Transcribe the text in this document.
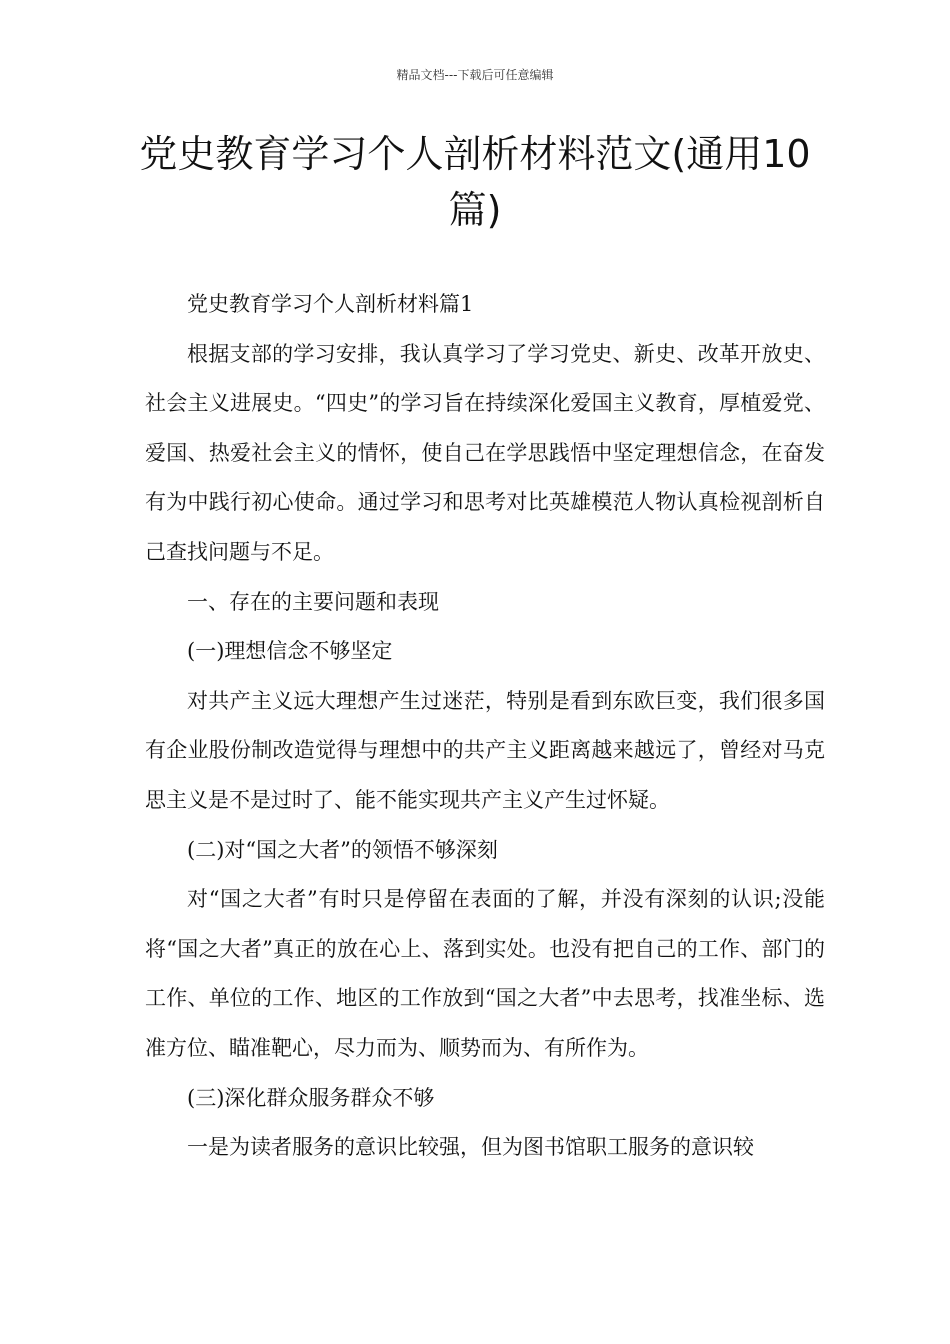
精品文档---下载后可任意编辑
党史教育学习个人剖析材料范文(通用10篇)

党史教育学习个人剖析材料篇1

根据支部的学习安排，我认真学习了学习党史、新史、改革开放史、社会主义进展史。“四史”的学习旨在持续深化爱国主义教育，厚植爱党、爱国、热爱社会主义的情怀，使自己在学思践悟中坚定理想信念，在奋发有为中践行初心使命。通过学习和思考对比英雄模范人物认真检视剖析自己查找问题与不足。

一、存在的主要问题和表现

(一)理想信念不够坚定

对共产主义远大理想产生过迷茫，特别是看到东欧巨变，我们很多国有企业股份制改造觉得与理想中的共产主义距离越来越远了，曾经对马克思主义是不是过时了、能不能实现共产主义产生过怀疑。

(二)对“国之大者”的领悟不够深刻

对“国之大者”有时只是停留在表面的了解，并没有深刻的认识;没能将“国之大者”真正的放在心上、落到实处。也没有把自己的工作、部门的工作、单位的工作、地区的工作放到“国之大者”中去思考，找准坐标、选准方位、瞄准靶心，尽力而为、顺势而为、有所作为。

(三)深化群众服务群众不够

一是为读者服务的意识比较强，但为图书馆职工服务的意识较
